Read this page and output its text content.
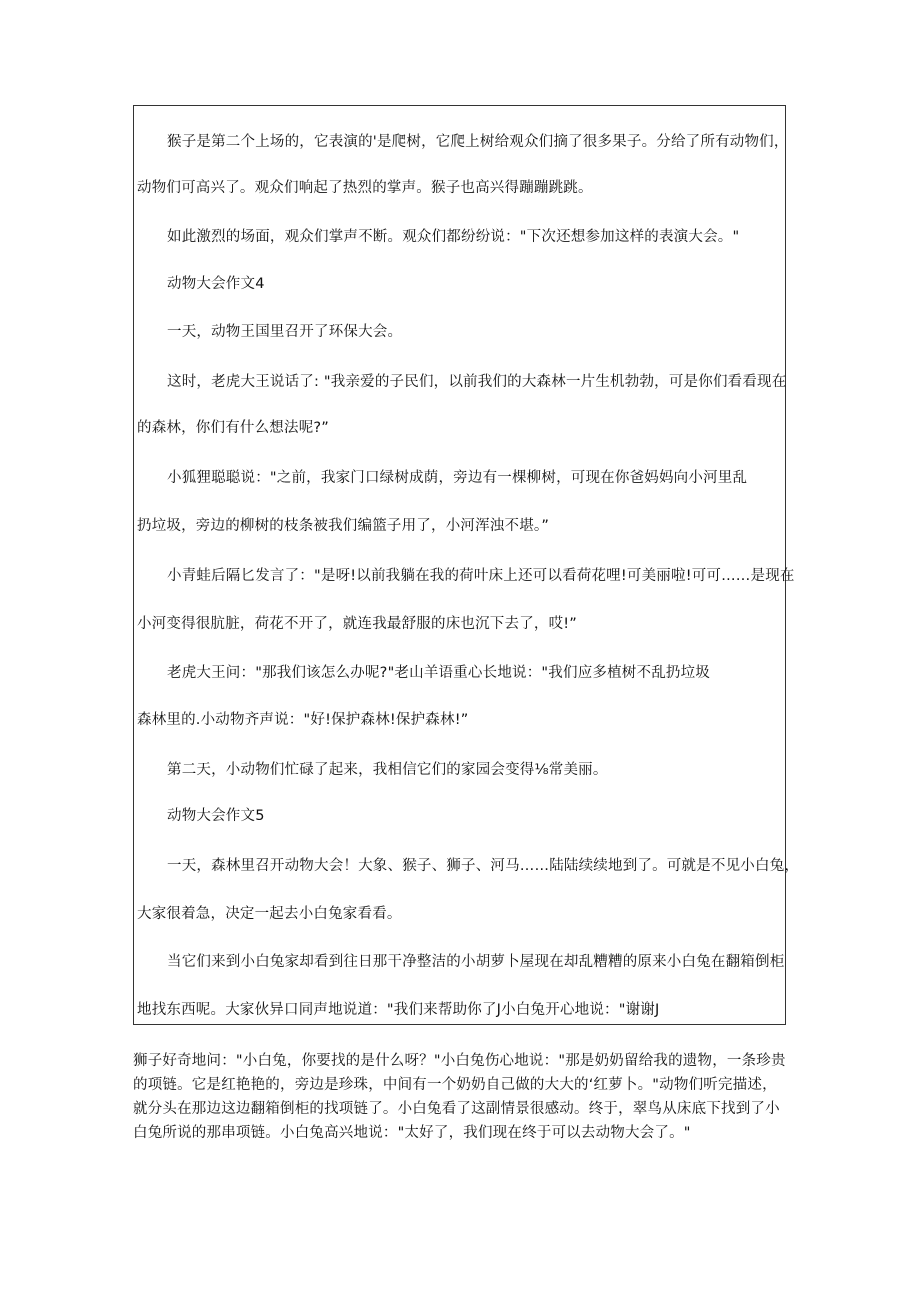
猴子是第二个上场的，它表演的'是爬树，它爬上树给观众们摘了很多果子。分给了所有动物们，
动物们可高兴了。观众们响起了热烈的掌声。猴子也高兴得蹦蹦跳跳。
如此激烈的场面，观众们掌声不断。观众们都纷纷说："下次还想参加这样的表演大会。"
动物大会作文4
一天，动物王国里召开了环保大会。
这时，老虎大王说话了: "我亲爱的子民们，以前我们的大森林一片生机勃勃，可是你们看看现在
的森林，你们有什么想法呢?”
小狐狸聪聪说："之前，我家门口绿树成荫，旁边有一棵柳树，可现在你爸妈妈向小河里乱
扔垃圾，旁边的柳树的枝条被我们编篮子用了，小河浑浊不堪。”
小青蛙后隔匕发言了："是呀!以前我躺在我的荷叶床上还可以看荷花哩!可美丽啦!可可……是现在
小河变得很肮脏，荷花不开了，就连我最舒服的床也沉下去了，哎!”
老虎大王问："那我们该怎么办呢?"老山羊语重心长地说："我们应多植树不乱扔垃圾
森林里的.小动物齐声说："好!保护森林!保护森林!”
第二天，小动物们忙碌了起来，我相信它们的家园会变得⅛常美丽。
动物大会作文5
一天，森林里召开动物大会！大象、猴子、狮子、河马……陆陆续续地到了。可就是不见小白兔，
大家很着急，决定一起去小白兔家看看。
当它们来到小白兔家却看到往日那干净整洁的小胡萝卜屋现在却乱糟糟的原来小白兔在翻箱倒柜
地找东西呢。大家伙异口同声地说道："我们来帮助你了J小白兔开心地说："谢谢J
狮子好奇地问："小白兔，你要找的是什么呀？"小白兔伤心地说："那是奶奶留给我的遗物，一条珍贵
的项链。它是红艳艳的，旁边是珍珠，中间有一个奶奶自己做的大大的‘红萝卜。"动物们听完描述，
就分头在那边这边翻箱倒柜的找项链了。小白兔看了这副情景很感动。终于，翠鸟从床底下找到了小
白兔所说的那串项链。小白兔高兴地说："太好了，我们现在终于可以去动物大会了。"
